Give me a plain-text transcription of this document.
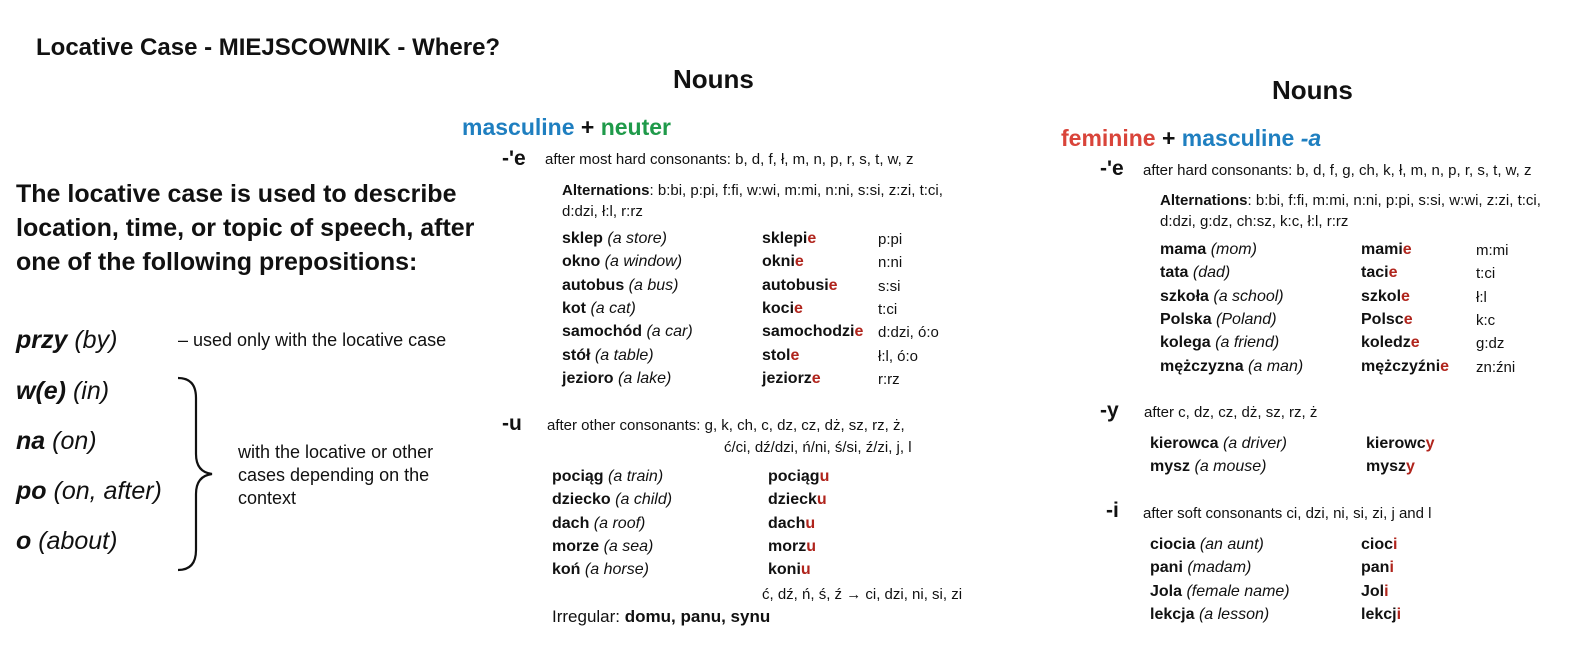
Locative Case - MIEJSCOWNIK - Where?
The locative case is used to describe location, time, or topic of speech, after one of the following prepositions:
przy (by)
w(e) (in)
na (on)
po (on, after)
o (about)
– used only with the locative case
with the locative or other cases depending on the context
Nouns
masculine + neuter
-'e after most hard consonants: b, d, f, ł, m, n, p, r, s, t, w, z
Alternations: b:bi, p:pi, f:fi, w:wi, m:mi, n:ni, s:si, z:zi, t:ci, d:dzi, ł:l, r:rz
sklep (a store)	sklepie	p:pi
okno (a window)	oknie	n:ni
autobus (a bus)	autobusie	s:si
kot (a cat)	kocie	t:ci
samochód (a car)	samochodzie d:dzi, ó:o
stół (a table)	stole	ł:l, ó:o
jezioro (a lake)	jeziorze	r:rz
-u after other consonants: g, k, ch, c, dz, cz, dż, sz, rz, ż,
ć/ci, dź/dzi, ń/ni, ś/si, ź/zi, j, l
pociąg (a train)	pociągu
dziecko (a child)	dziecku
dach (a roof)	dachu
morze (a sea)	morzu
koń (a horse)	koniu
ć, dź, ń, ś, ź → ci, dzi, ni, si, zi
Irregular: domu, panu, synu
Nouns
feminine + masculine -a
-'e after hard consonants: b, d, f, g, ch, k, ł, m, n, p, r, s, t, w, z
Alternations: b:bi, f:fi, m:mi, n:ni, p:pi, s:si, w:wi, z:zi, t:ci, d:dzi, g:dz, ch:sz, k:c, ł:l, r:rz
mama (mom)	mamie	m:mi
tata (dad)	tacie	t:ci
szkoła (a school)	szkole	ł:l
Polska (Poland)	Polsce	k:c
kolega (a friend)	koledze	g:dz
mężczyzna (a man)	mężczyźnie zn:źni
-y after c, dz, cz, dż, sz, rz, ż
kierowca (a driver)	kierowcy
mysz (a mouse)	myszy
-i after soft consonants ci, dzi, ni, si, zi, j and l
ciocia (an aunt)	cioci
pani (madam)	pani
Jola (female name)	Joli
lekcja (a lesson)	lekcji
